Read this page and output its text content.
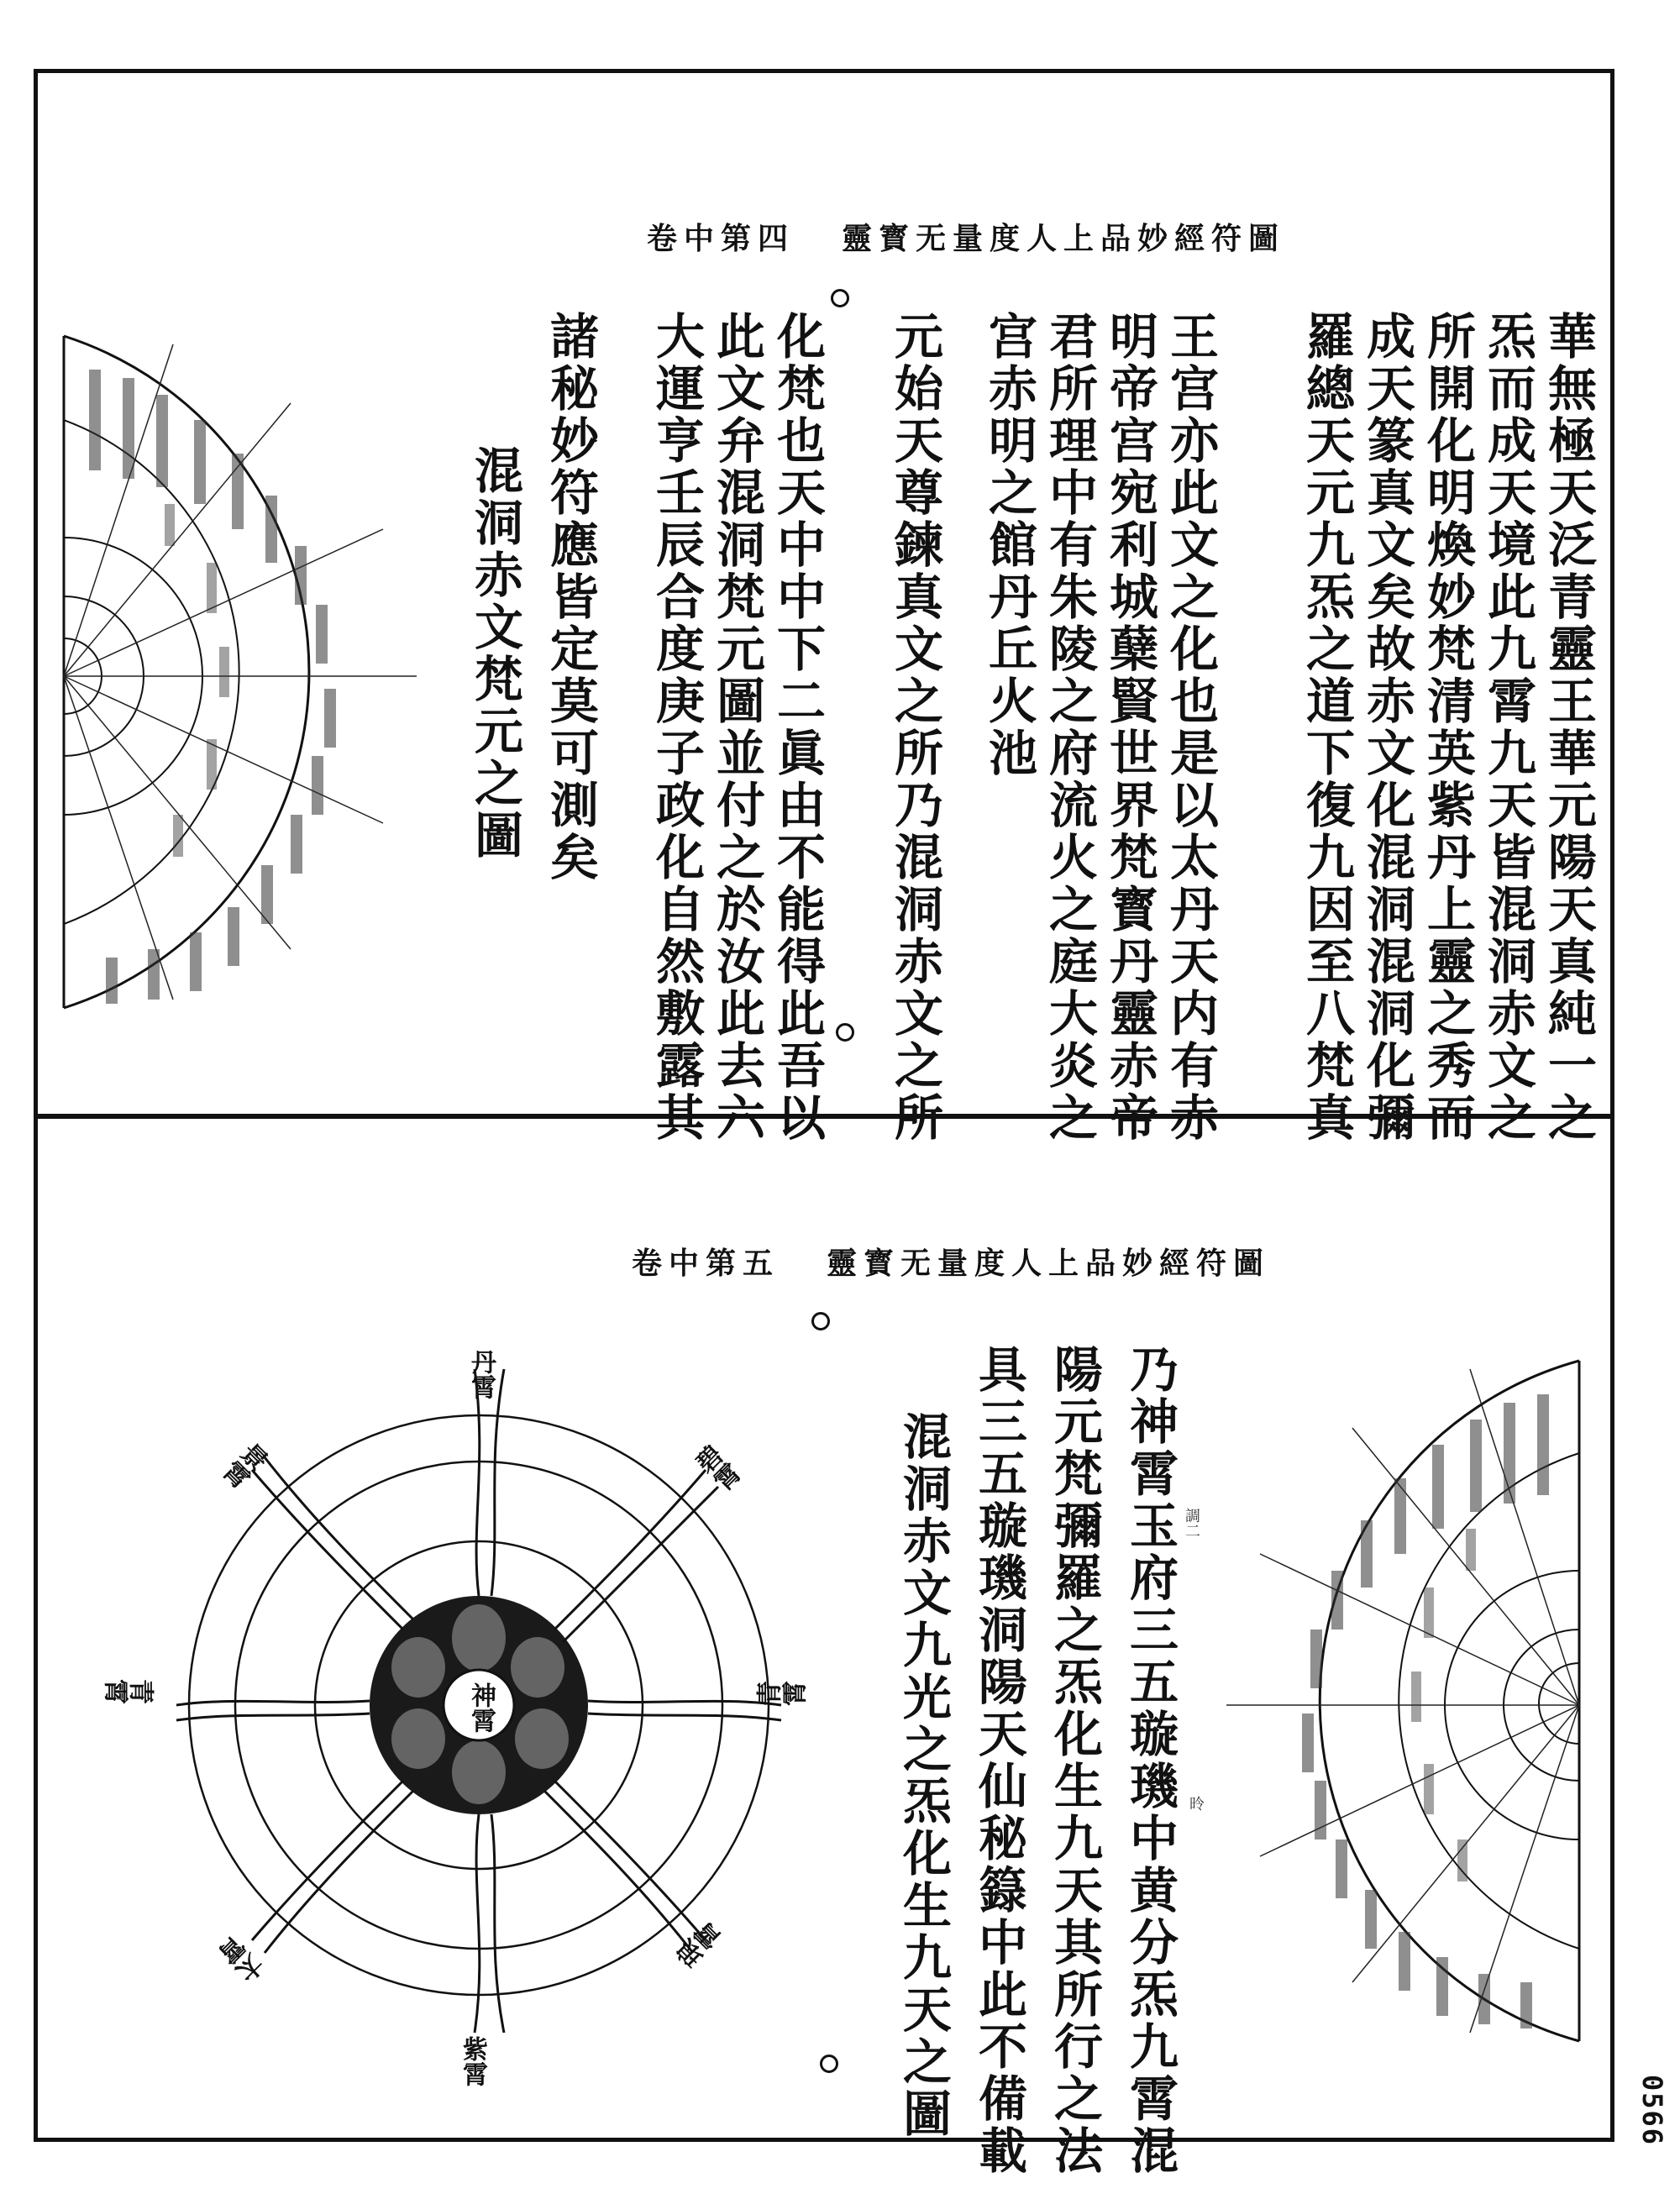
卷中第四 靈寳无量度人上品妙經符圖
華無極天泛青靈王華元陽天真純一之
炁而成天境此九霄九天皆混洞赤文之
所開化明煥妙梵清英紫丹上靈之秀而
成天篆真文矣故赤文化混洞混洞化彌
羅總天元九炁之道下復九因至八梵真
王宫亦此文之化也是以太丹天内有赤
明帝宫宛利城蘖賢世界梵寳丹靈赤帝
君所理中有朱陵之府流火之庭大炎之
宫赤明之館丹丘火池
元始天尊鍊真文之所乃混洞赤文之所
化梵也天中中下二眞由不能得此吾以
此文弁混洞梵元圖並付之於汝此去六
大運亨壬辰合度庚子政化自然敷露其
諸秘妙符應皆定莫可測矣
混洞赤文梵元之圖
卷中第五 靈寳无量度人上品妙經符圖
神霄
丹霄
碧霄
青霄
琅霄
紫霄
太霄
青霄
景霄	乃神霄玉府三五璇璣中黄分炁九霄混
陽元梵彌羅之炁化生九天其所行之法
具三五璇璣洞陽天仙秘籙中此不備載
混洞赤文九光之炁化生九天之圖	調二
昤
0566
